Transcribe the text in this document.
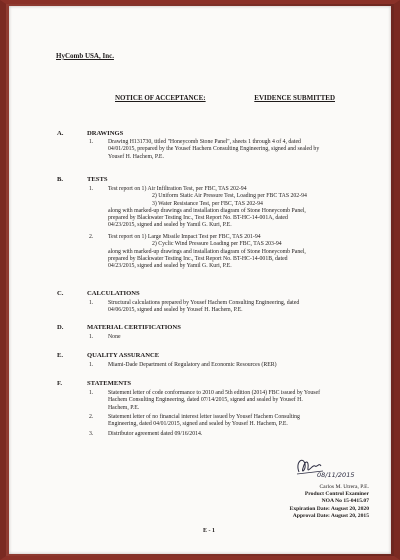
HyComb USA, Inc.
NOTICE OF ACCEPTANCE:	EVIDENCE SUBMITTED
A.	DRAWINGS
1.	Drawing H131730, titled "Honeycomb Stone Panel", sheets 1 through 4 of 4, dated
04/01/2015, prepared by the Yousef Hachem Consulting Engineering, signed and sealed by
Yousef H. Hachem, P.E.
B.	TESTS
1.	Test report on 1) Air Infiltration Test, per FBC, TAS 202-94
2) Uniform Static Air Pressure Test, Loading per FBC TAS 202-94
3) Water Resistance Test, per FBC, TAS 202-94
along with marked-up drawings and installation diagram of Stone Honeycomb Panel,
prepared by Blackwater Testing Inc., Test Report No. BT-HC-14-001A, dated
04/23/2015, signed and sealed by Yamil G. Kuri, P.E.
2.	Test report on 1) Large Missile Impact Test per FBC, TAS 201-94
2) Cyclic Wind Pressure Loading per FBC, TAS 203-94
along with marked-up drawings and installation diagram of Stone Honeycomb Panel,
prepared by Blackwater Testing Inc., Test Report No. BT-HC-14-001B, dated
04/23/2015, signed and sealed by Yamil G. Kuri, P.E.
C.	CALCULATIONS
1.	Structural calculations prepared by Yousef Hachem Consulting Engineering, dated
04/06/2015, signed and sealed by Yousef H. Hachem, P.E.
D.	MATERIAL CERTIFICATIONS
1.	None
E.	QUALITY ASSURANCE
1.	Miami-Dade Department of Regulatory and Economic Resources (RER)
F.	STATEMENTS
1.	Statement letter of code conformance to 2010 and 5th edition (2014) FBC issued by Yousef
Hachem Consulting Engineering, dated 07/14/2015, signed and sealed by Yousef H.
Hachem, P.E.
2.	Statement letter of no financial interest letter issued by Yousef Hachem Consulting
Engineering, dated 04/01/2015, signed and sealed by Yousef H. Hachem, P.E.
3.	Distributor agreement dated 09/16/2014.
08/11/2015
Carlos M. Utrera, P.E.
Product Control Examiner
NOA No 15-0415.07
Expiration Date: August 20, 2020
Approval Date: August 20, 2015
E - 1
